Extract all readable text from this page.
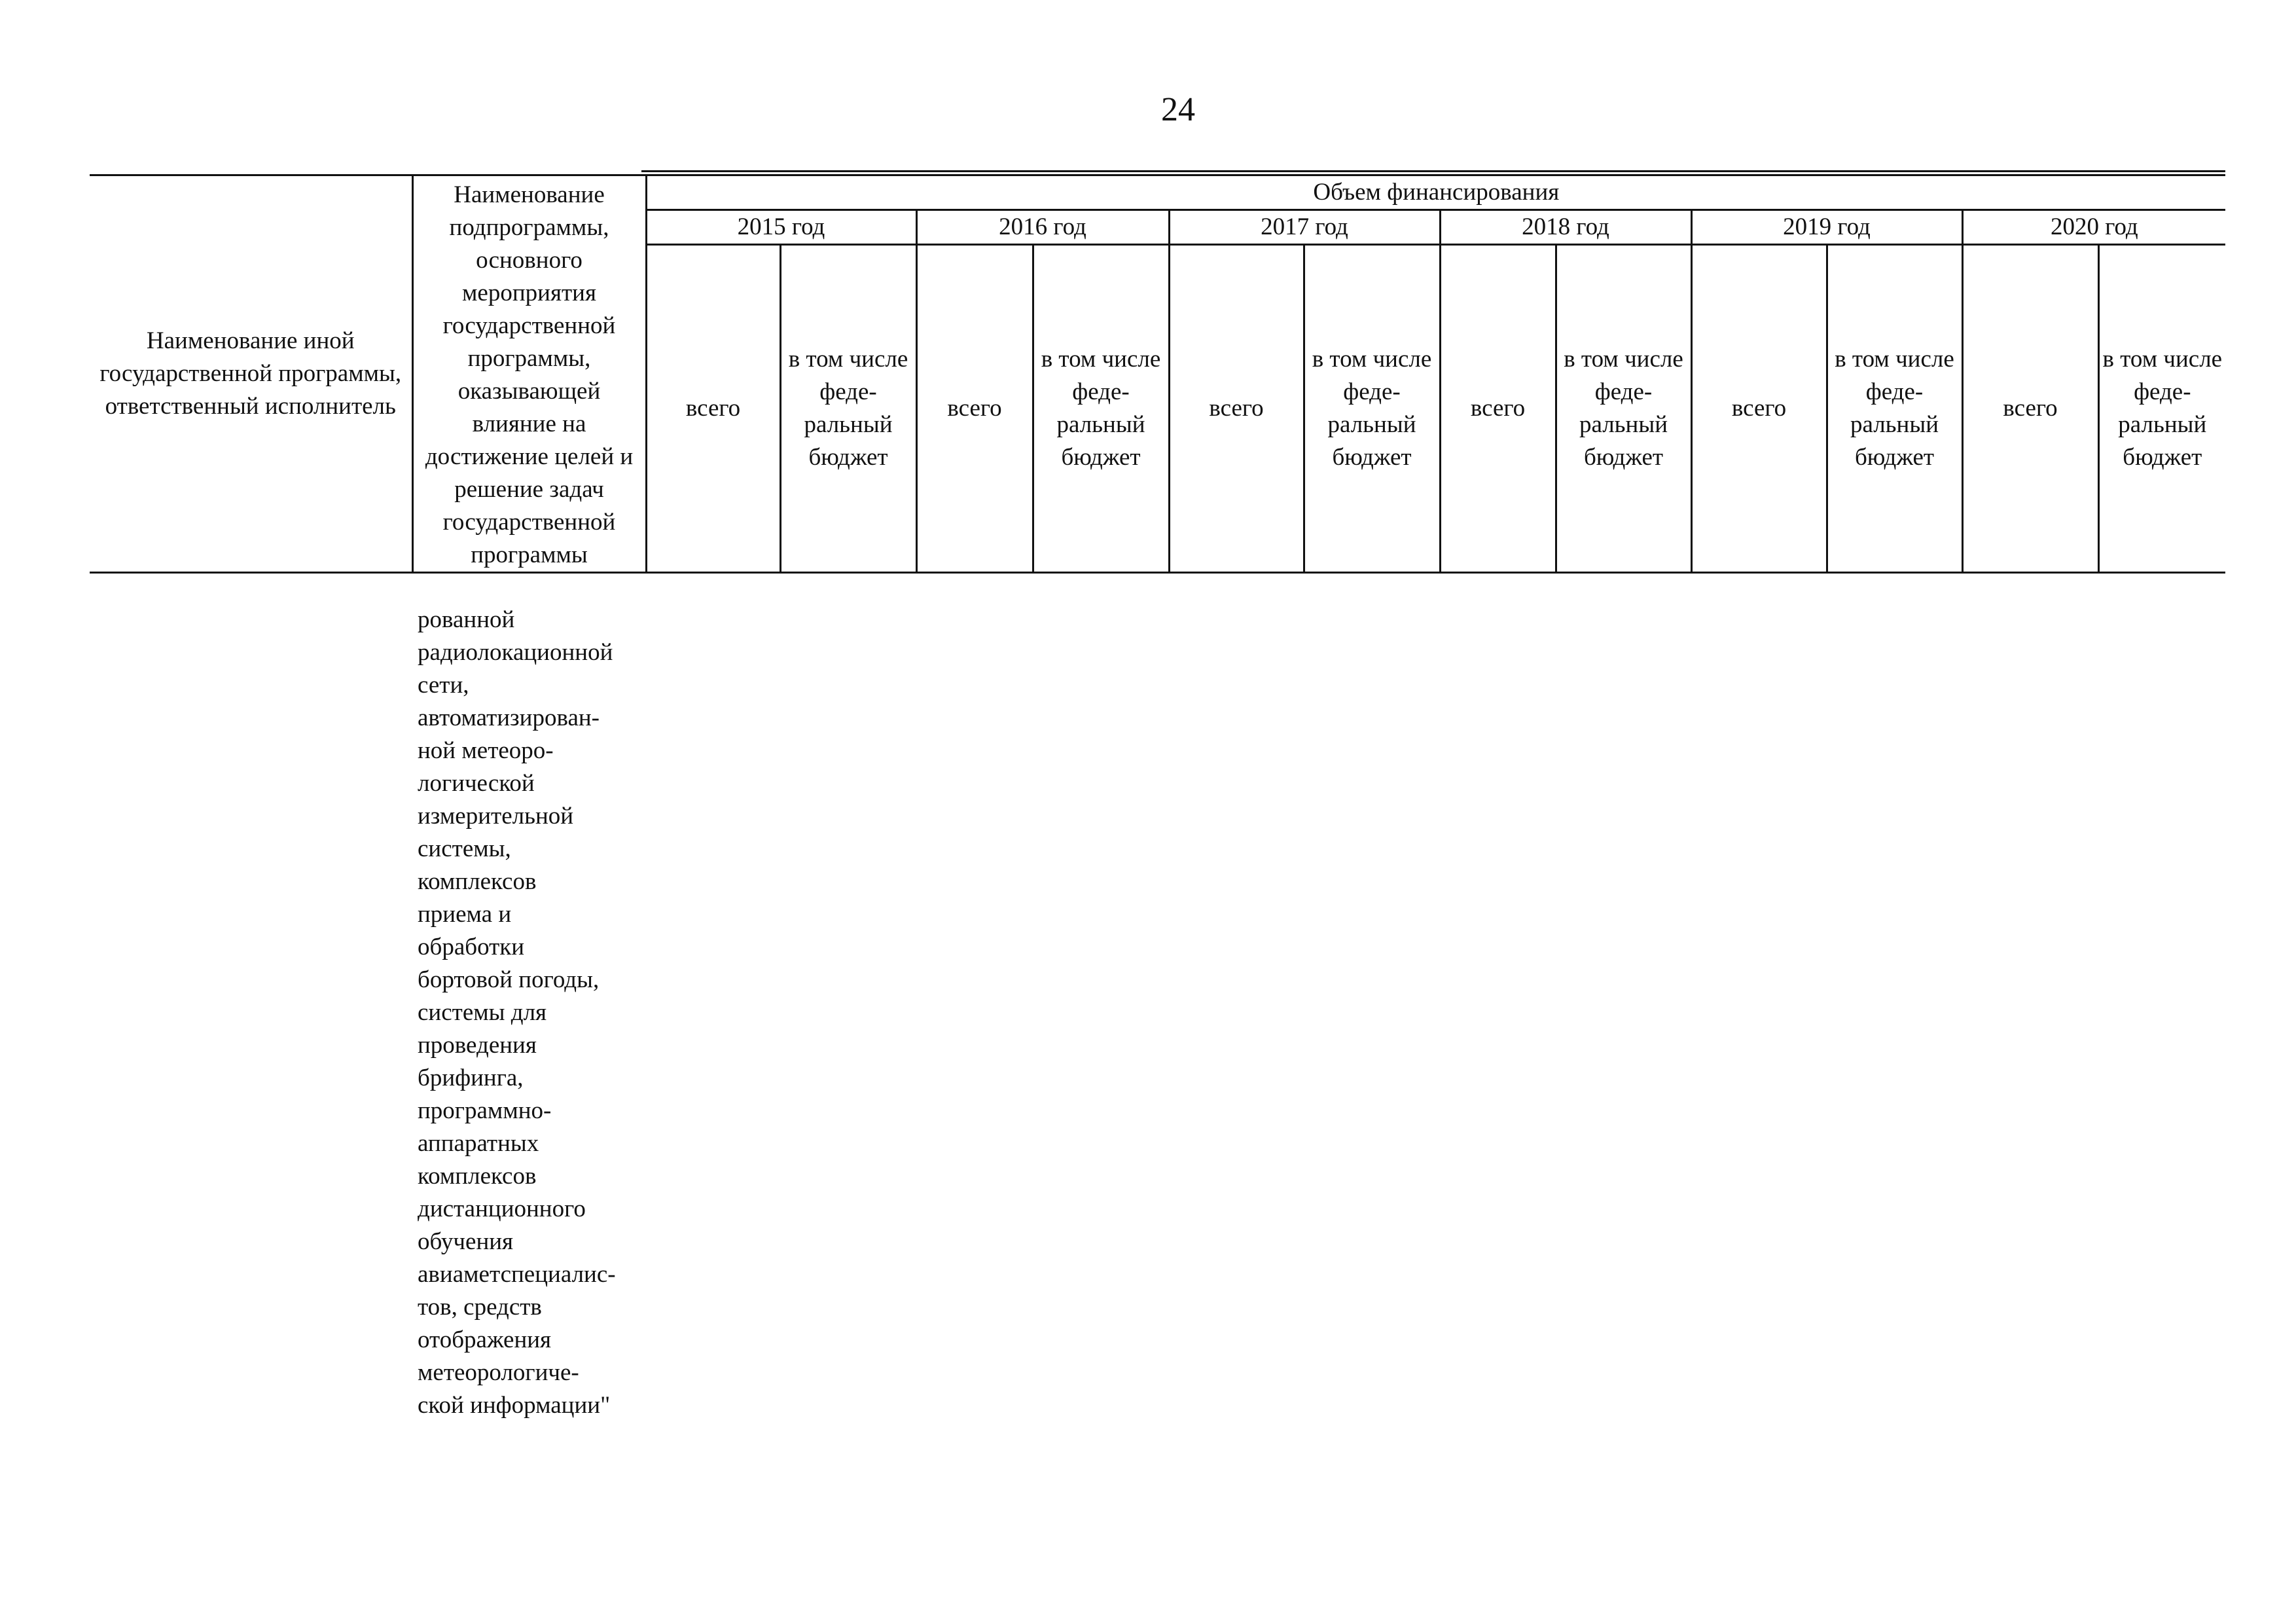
24
Наименование иной государственной программы, ответственный исполнитель	Наименование подпрограммы, основного мероприятия государственной программы, оказывающей влияние на достижение целей и решение задач государственной программы	Объем финансирования											
		2015 год		2016 год		2017 год		2018 год		2019 год		2020 год	
		всего	в том числе феде-ральный бюджет	всего	в том числе феде-ральный бюджет	всего	в том числе феде-ральный бюджет	всего	в том числе феде-ральный бюджет	всего	в том числе феде-ральный бюджет	всего	в том числе феде-ральный бюджет
рованной
радиолокационной
сети,
автоматизирован-
ной метеоро-
логической
измерительной
системы,
комплексов
приема и
обработки
бортовой погоды,
системы для
проведения
брифинга,
программно-
аппаратных
комплексов
дистанционного
обучения
авиаметспециалис-
тов, средств
отображения
метеорологиче-
ской информации"
